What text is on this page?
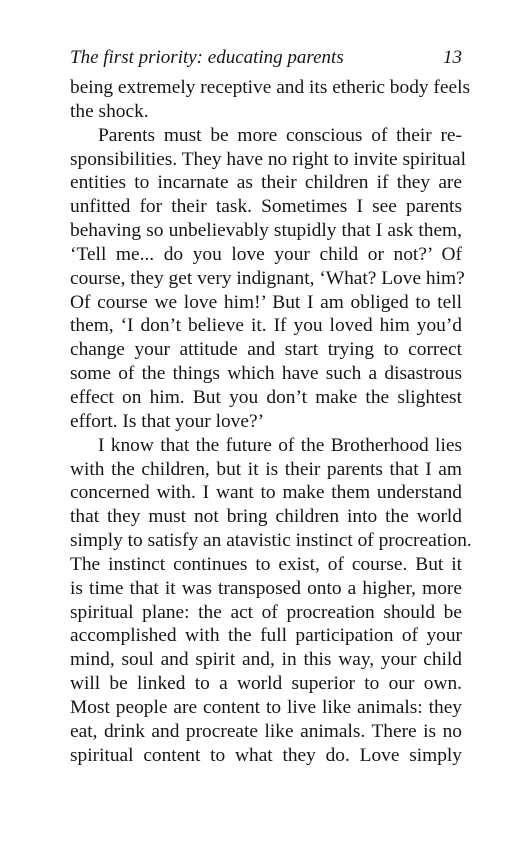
The first priority: educating parents	13
being extremely receptive and its etheric body feels
the shock.
Parents must be more conscious of their re-
sponsibilities. They have no right to invite spiritual
entities to incarnate as their children if they are
unfitted for their task. Sometimes I see parents
behaving so unbelievably stupidly that I ask them,
‘Tell me... do you love your child or not?’ Of
course, they get very indignant, ‘What? Love him?
Of course we love him!’ But I am obliged to tell
them, ‘I don’t believe it. If you loved him you’d
change your attitude and start trying to correct
some of the things which have such a disastrous
effect on him. But you don’t make the slightest
effort. Is that your love?’
I know that the future of the Brotherhood lies
with the children, but it is their parents that I am
concerned with. I want to make them understand
that they must not bring children into the world
simply to satisfy an atavistic instinct of procreation.
The instinct continues to exist, of course. But it
is time that it was transposed onto a higher, more
spiritual plane: the act of procreation should be
accomplished with the full participation of your
mind, soul and spirit and, in this way, your child
will be linked to a world superior to our own.
Most people are content to live like animals: they
eat, drink and procreate like animals. There is no
spiritual content to what they do. Love simply
